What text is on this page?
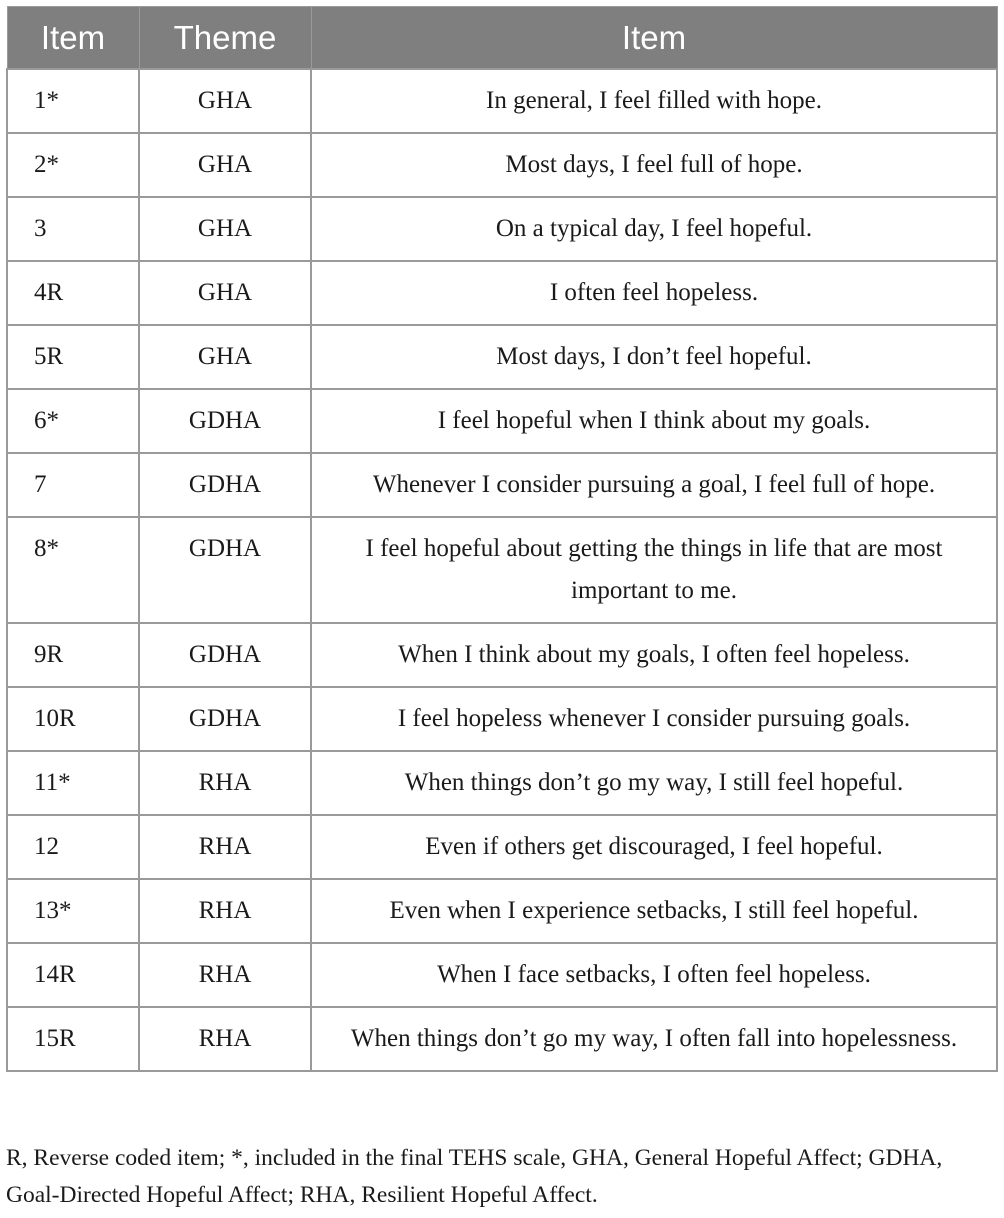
Item	Theme	Item
1*	GHA	In general, I feel filled with hope.
2*	GHA	Most days, I feel full of hope.
3	GHA	On a typical day, I feel hopeful.
4R	GHA	I often feel hopeless.
5R	GHA	Most days, I don’t feel hopeful.
6*	GDHA	I feel hopeful when I think about my goals.
7	GDHA	Whenever I consider pursuing a goal, I feel full of hope.
8*	GDHA	I feel hopeful about getting the things in life that are most important to me.
9R	GDHA	When I think about my goals, I often feel hopeless.
10R	GDHA	I feel hopeless whenever I consider pursuing goals.
11*	RHA	When things don’t go my way, I still feel hopeful.
12	RHA	Even if others get discouraged, I feel hopeful.
13*	RHA	Even when I experience setbacks, I still feel hopeful.
14R	RHA	When I face setbacks, I often feel hopeless.
15R	RHA	When things don’t go my way, I often fall into hopelessness.
R, Reverse coded item; *, included in the final TEHS scale, GHA, General Hopeful Affect; GDHA, Goal-Directed Hopeful Affect; RHA, Resilient Hopeful Affect.
